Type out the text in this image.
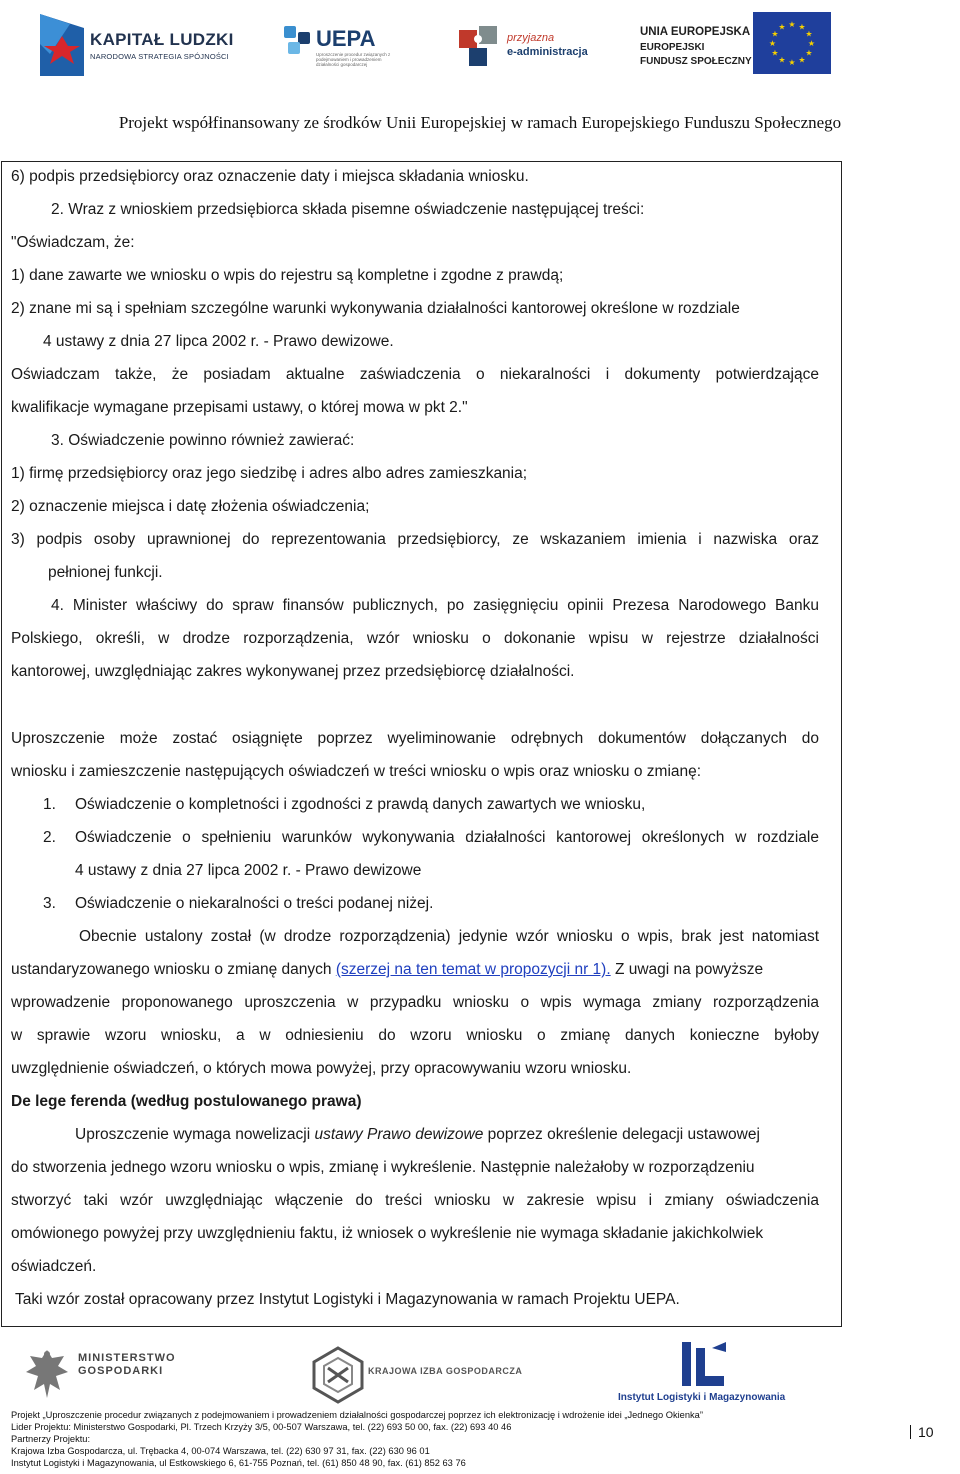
KAPITAŁ LUDZKI
NARODOWA STRATEGIA SPÓJNOŚCI
UEPA
Uproszczenie procedur związanych z podejmowaniem i prowadzeniem działalności gospodarczej
przyjazna
e-administracja
UNIA EUROPEJSKA
EUROPEJSKI
FUNDUSZ SPOŁECZNY
★ ★
★
★
★
★
★
★
★
★
★
★
Projekt współfinansowany ze środków Unii Europejskiej w ramach Europejskiego Funduszu Społecznego
6) podpis przedsiębiorcy oraz oznaczenie daty i miejsca składania wniosku.
2. Wraz z wnioskiem przedsiębiorca składa pisemne oświadczenie następującej treści:
"Oświadczam, że:
1) dane zawarte we wniosku o wpis do rejestru są kompletne i zgodne z prawdą;
2) znane mi są i spełniam szczególne warunki wykonywania działalności kantorowej określone w rozdziale
4 ustawy z dnia 27 lipca 2002 r. - Prawo dewizowe.
Oświadczam także, że posiadam aktualne zaświadczenia o niekaralności i dokumenty potwierdzające
kwalifikacje wymagane przepisami ustawy, o której mowa w pkt 2."
3. Oświadczenie powinno również zawierać:
1) firmę przedsiębiorcy oraz jego siedzibę i adres albo adres zamieszkania;
2) oznaczenie miejsca i datę złożenia oświadczenia;
3) podpis osoby uprawnionej do reprezentowania przedsiębiorcy, ze wskazaniem imienia i nazwiska oraz
pełnionej funkcji.
4. Minister właściwy do spraw finansów publicznych, po zasięgnięciu opinii Prezesa Narodowego Banku
Polskiego, określi, w drodze rozporządzenia, wzór wniosku o dokonanie wpisu w rejestrze działalności
kantorowej, uwzględniając zakres wykonywanej przez przedsiębiorcę działalności.
Uproszczenie może zostać osiągnięte poprzez wyeliminowanie odrębnych dokumentów dołączanych do
wniosku i zamieszczenie następujących oświadczeń w treści wniosku o wpis oraz wniosku o zmianę:
1. Oświadczenie o kompletności i zgodności z prawdą danych zawartych we wniosku,
2. Oświadczenie o spełnieniu warunków wykonywania działalności kantorowej określonych w rozdziale
4 ustawy z dnia 27 lipca 2002 r. - Prawo dewizowe
3. Oświadczenie o niekaralności o treści podanej niżej.
Obecnie ustalony został (w drodze rozporządzenia) jedynie wzór wniosku o wpis, brak jest natomiast
ustandaryzowanego wniosku o zmianę danych (szerzej na ten temat w propozycji nr 1). Z uwagi na powyższe
wprowadzenie proponowanego uproszczenia w przypadku wniosku o wpis wymaga zmiany rozporządzenia
w sprawie wzoru wniosku, a w odniesieniu do wzoru wniosku o zmianę danych konieczne byłoby
uwzględnienie oświadczeń, o których mowa powyżej, przy opracowywaniu wzoru wniosku.
De lege ferenda (według postulowanego prawa)
Uproszczenie wymaga nowelizacji ustawy Prawo dewizowe poprzez określenie delegacji ustawowej
do stworzenia jednego wzoru wniosku o wpis, zmianę i wykreślenie. Następnie należałoby w rozporządzeniu
stworzyć taki wzór uwzględniając włączenie do treści wniosku w zakresie wpisu i zmiany oświadczenia
omówionego powyżej przy uwzględnieniu faktu, iż wniosek o wykreślenie nie wymaga składanie jakichkolwiek
oświadczeń.
Taki wzór został opracowany przez Instytut Logistyki i Magazynowania w ramach Projektu UEPA.
MINISTERSTWO
GOSPODARKI	KRAJOWA IZBA GOSPODARCZA
Instytut Logistyki i Magazynowania
Projekt „Uproszczenie procedur związanych z podejmowaniem i prowadzeniem działalności gospodarczej poprzez ich elektronizację i wdrożenie idei „Jednego Okienka”
Lider Projektu: Ministerstwo Gospodarki, Pl. Trzech Krzyży 3/5, 00-507 Warszawa, tel. (22) 693 50 00, fax. (22) 693 40 46
Partnerzy Projektu:
Krajowa Izba Gospodarcza, ul. Trębacka 4, 00-074 Warszawa, tel. (22) 630 97 31, fax. (22) 630 96 01
Instytut Logistyki i Magazynowania, ul Estkowskiego 6, 61-755 Poznań, tel. (61) 850 48 90, fax. (61) 852 63 76
10
